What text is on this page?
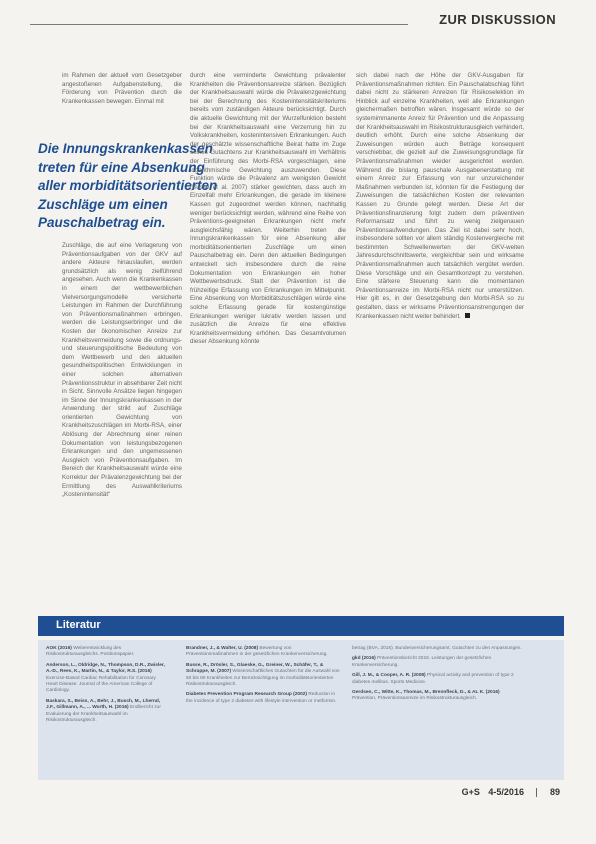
ZUR DISKUSSION

im Rahmen der aktuell vom Gesetzgeber angestoßenen Aufgabenstellung, die Förderung von Prävention durch die Krankenkassen bewegen. Einmal mit

Die Innungskrankenkassen
treten für eine Absenkung
aller morbiditätsorientierten
Zuschläge um einen
Pauschalbetrag ein.

Zuschläge, die auf eine Verlagerung von Präventionsaufgaben von der GKV auf andere Akteure hinauslaufen, werden grundsätzlich als wenig zielführend angesehen. Auch wenn die Krankenkassen in einem der wettbewerblichen Vielversorgungsmodelle versicherte Leistungen im Rahmen der Durchführung von Präventionsmaßnahmen erbringen, werden die Leistungserbringer und die Kosten der ökonomischen Anreize zur Krankheitsvermeidung sowie die ordnungs- und steuerungspolitische Bedeutung von dem Wettbewerb und den aktuellen gesundheitspolitischen Entwicklungen in einer solchen alternativen Präventionsstruktur in absehbarer Zeit nicht in Sicht. Sinnvolle Ansätze liegen hingegen im Sinne der Innungskrankenkassen in der Anwendung der strikt auf Zuschläge orientierten Gewichtung von Krankheitszuschlägen im Morbi-RSA, einer Ablösung der Abrechnung einer reinen Dokumentation von leistungsbezogenen Erkrankungen und den ungemessenen Ausgleich von Präventionsaufgaben. Im Bereich der Krankheitsauswahl würde eine Korrektur der Prävalenzgewichtung bei der Ermittlung des Auswahlkriteriums „Kostenintensität“

durch eine verminderte Gewichtung prävalenter Krankheiten die Präventionsanreize stärken. Bezüglich der Krankheitsauswahl würde die Prävalenzgewichtung bei der Berechnung des Kostenintensitätskriteriums bereits vom zuständigen Akteure berücksichtigt. Durch die aktuelle Gewichtung mit der Wurzelfunktion besteht bei der Krankheitsauswahl eine Verzerrung hin zu Volkskrankheiten, kostenintensiven Erkrankungen. Auch der geschätzte wissenschaftliche Beirat hatte im Zuge seines Gutachtens zur Krankheitsauswahl im Verhältnis der Einführung des Morbi-RSA vorgeschlagen, eine logarithmische Gewichtung auszuwenden. Diese Funktion würde die Prävalenz am wenigsten Gewicht (Busse et al. 2007) stärker gewichten, dass auch im Einzelfall mehr Erkrankungen, die gerade im kleinere Kassen gut zugeordnet werden können, nachhaltig weniger berücksichtigt werden, während eine Reihe von Präventions-geeigneten Erkrankungen nicht mehr ausgleichsfähig wären. Weiterhin treten die Innungskrankenkassen für eine Absenkung aller morbiditätsorientierten Zuschläge um einen Pauschalbetrag ein. Denn den aktuellen Bedingungen entwickelt sich insbesondere durch die reine Dokumentation von Erkrankungen ein hoher Wettbewerbsdruck. Statt der Prävention ist die frühzeitige Erfassung von Erkrankungen im Mittelpunkt. Eine Absenkung von Morbiditätszuschlägen würde eine solche Erfassung gerade für kostengünstige Erkrankungen weniger lukrativ werden lassen und zusätzlich die Anreize für eine effektive Krankheitsvermeidung erhöhen. Das Gesamtvolumen dieser Absenkung könnte

sich dabei nach der Höhe der GKV-Ausgaben für Präventionsmaßnahmen richten. Ein Pauschalabschlag führt dabei nicht zu stärkeren Anreizen für Risikoselektion im Hinblick auf einzelne Krankheiten, weil alle Erkrankungen gleichermaßen betroffen wären. Insgesamt würde so der systemimmanente Anreiz für Prävention und die Anpassung der Krankheitsauswahl im Risikostrukturausgleich verhindert, deutlich erhöht. Durch eine solche Absenkung der Zuweisungen würden auch Beträge konsequent verschiebbar, die gezielt auf die Zuweisungsgrundlage für Präventionsmaßnahmen wieder ausgerichtet werden. Während die bislang pauschale Ausgabenerstattung mit einem Anreiz zur Erfassung von nur unzureichender Maßnahmen verbunden ist, könnten für die Festlegung der Zuweisungen die tatsächlichen Kosten der relevanten Kassen zu Grunde gelegt werden. Diese Art der Präventionsfinanzierung folgt zudem dem präventiven Reformansatz und führt zu wenig zielgenauen Präventionsaufwendungen. Das Ziel ist dabei sehr hoch, insbesondere sollten vor allem ständig Kostenvergleiche mit bestimmten Schwellenwerten der GKV-weiten Jahresdurchschnittswerte, vergleichbar sein und wirksame Präventionsmaßnahmen auch tatsächlich vergütet werden. Diese Vorschläge und ein Gesamtkonzept zu verstehen. Eine stärkere Steuerung kann die momentanen Präventionsanreize im Morbi-RSA nicht nur unterstützen. Hier gilt es, in der Gesetzgebung den Morbi-RSA so zu gestalten, dass er wirksame Präventionsanstrengungen der Krankenkassen nicht weiter behindert.

Literatur
AOK (2016) Weiterentwicklung des Risikostrukturausgleichs. Positionspapier.
Anderson, L., Oldridge, N., Thompson, D.R., Zwisler, A.-D., Rees, K., Martin, N., & Taylor, R.S. (2016) Exercise-Based Cardiac Rehabilitation for Coronary Heart Disease. Journal of the American College of Cardiology.
Baskara, S., Beiss, A., Behr, J., Busch, M., Lhernd, J.F., Gillmann, A., ... Wurth, H. (2016) Endbericht zur Evaluierung der Krankheitsauswahl im Risikostrukturausgleich.
Brandner, J., & Walter, U. (2008) Bewertung von Präventionsmaßnahmen in der gesetzlichen Krankenversicherung.
Busse, R., Drösler, S., Glaeske, G., Greiner, W., Schäfer, T., & Schrappe, M. (2007) Wissenschaftliches Gutachten für die Auswahl von 50 bis 80 Krankheiten zur Berücksichtigung im morbiditätsorientierten Risikostrukturausgleich.
Diabetes Prevention Program Research Group (2002) Reduction in the incidence of type 2 diabetes with lifestyle intervention or metformin.
betrag (BVA, 2016). Bundesversicherungsamt, Gutachten zu den Anpassungen.
gkd (2016) Präventionsbericht 2016. Leistungen der gesetzlichen Krankenversicherung.
Gill, J. M., & Cooper, A. R. (2008) Physical activity and prevention of type 2 diabetes mellitus. Sports Medicine.
Gerdsen, C., Witte, K., Thomas, M., Brennfleck, D., & AL K. (2016) Prävention, Präventionsanreize im Risikostrukturausgleich.
G+S 4-5/2016	89
